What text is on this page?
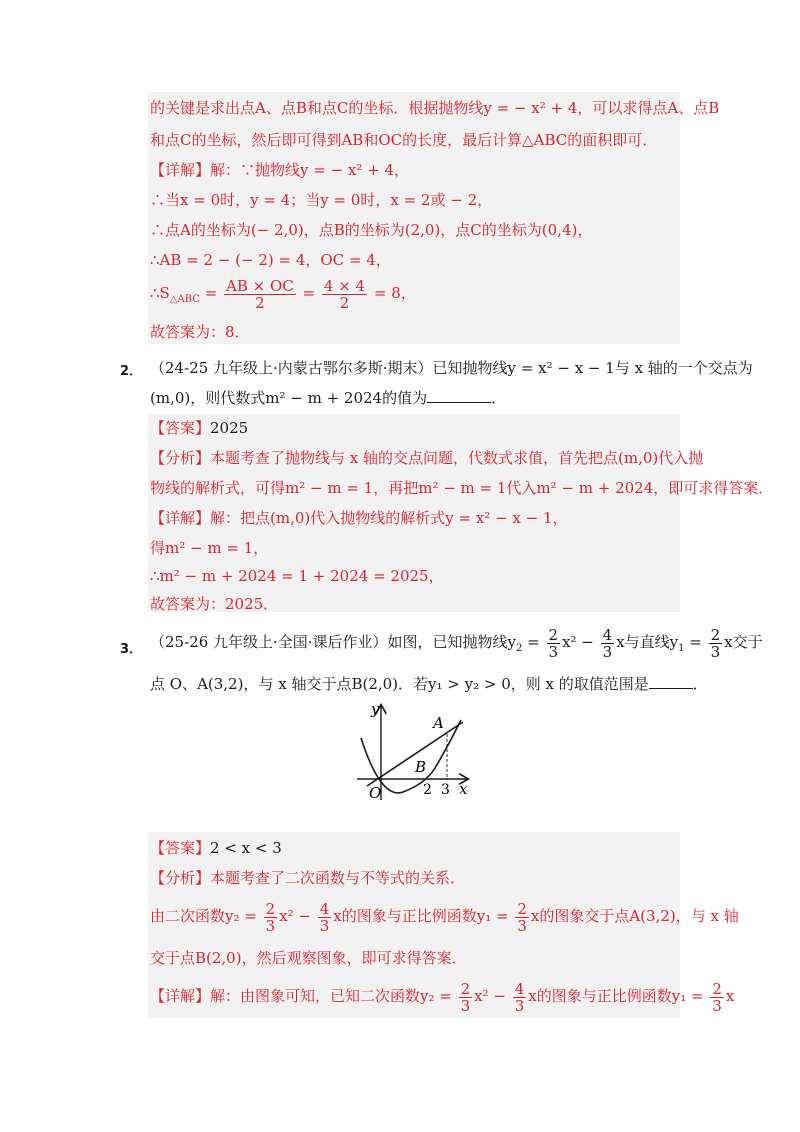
的关键是求出点A、点B和点C的坐标．根据抛物线y = − x² + 4，可以求得点A、点B
和点C的坐标，然后即可得到AB和OC的长度，最后计算△ABC的面积即可．
【详解】解：∵抛物线y = − x² + 4，
∴当x = 0时，y = 4；当y = 0时，x = 2或 − 2，
∴点A的坐标为(− 2,0)，点B的坐标为(2,0)，点C的坐标为(0,4)，
∴AB = 2 − (− 2) = 4，OC = 4，
$\therefore S_{\triangle ABC} = \frac{AB \times OC}{2} = \frac{4 \times 4}{2} = 8$，
故答案为：8．
2． （24-25 九年级上·内蒙古鄂尔多斯·期末）已知抛物线y = x² − x − 1与 x 轴的一个交点为
(m,0)，则代数式m² − m + 2024的值为	．
【答案】2025
【分析】本题考查了抛物线与 x 轴的交点问题，代数式求值，首先把点(m,0)代入抛
物线的解析式，可得m² − m = 1，再把m² − m = 1代入m² − m + 2024，即可求得答案．
【详解】解：把点(m,0)代入抛物线的解析式y = x² − x − 1，
得m² − m = 1，
∴m² − m + 2024 = 1 + 2024 = 2025，
故答案为：2025．
3． （25-26 九年级上·全国·课后作业）如图，已知抛物线$y_2 = \frac{2}{3} x^2 - \frac{4}{3}$ x与直线$y_1 = \frac{2}{3}$ x交于
点 O、A(3,2)，与 x 轴交于点B(2,0)．若y₁ > y₂ > 0，则 x 的取值范围是	．
y
x
O
A
B
2 3
【答案】2 < x < 3
【分析】本题考查了二次函数与不等式的关系．
由二次函数$y_2 = \frac{2}{3} x^2 - \frac{4}{3}$ x的图象与正比例函数$y_1 = \frac{2}{3}$ x的图象交于点A(3,2)，与 x 轴
交于点B(2,0)，然后观察图象，即可求得答案．
【详解】解：由图象可知，已知二次函数$y_2 = \frac{2}{3} x^2 - \frac{4}{3}$ x的图象与正比例函数$y_1 = \frac{2}{3}$ x
